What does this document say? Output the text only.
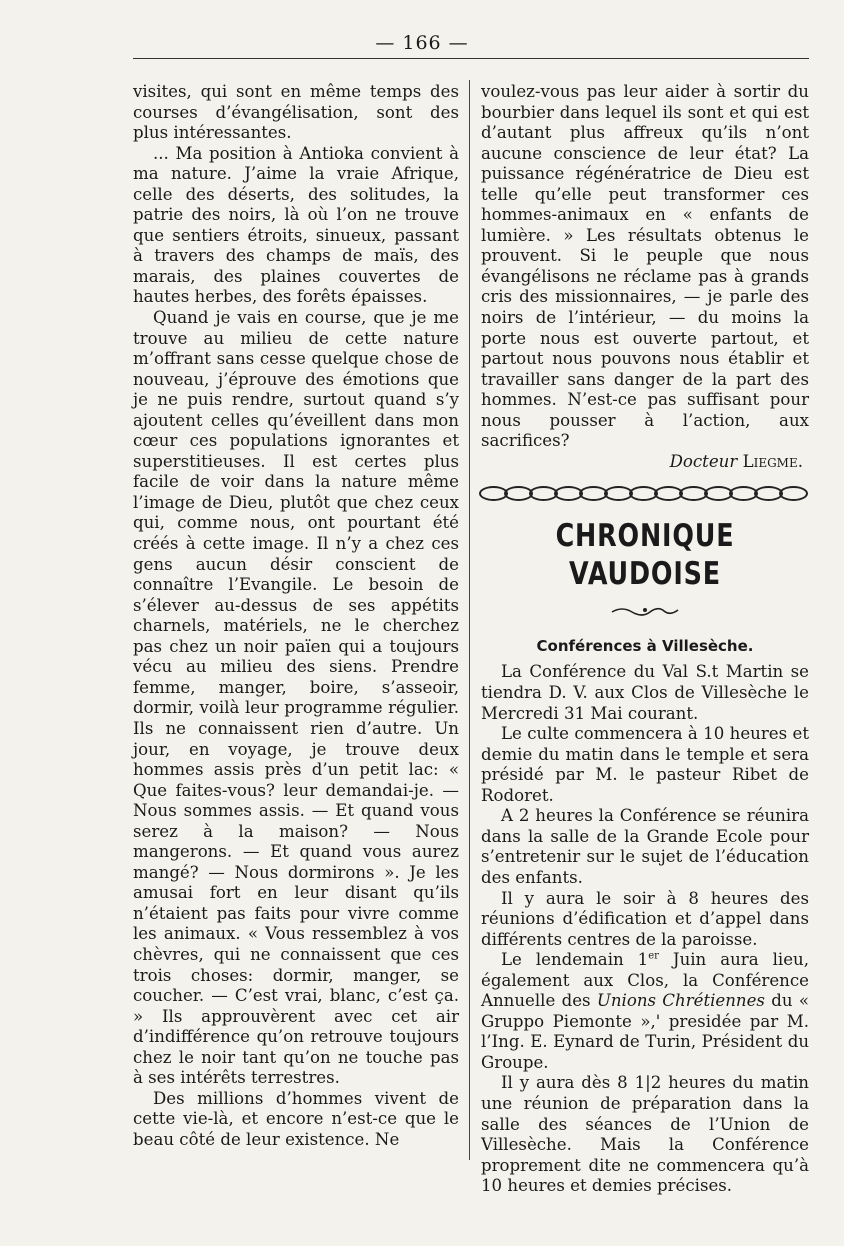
— 166 —

visites, qui sont en même temps des courses d’évangélisation, sont des plus intéressantes.

... Ma position à Antioka convient à ma nature. J’aime la vraie Afrique, celle des déserts, des solitudes, la patrie des noirs, là où l’on ne trouve que sentiers étroits, sinueux, passant à travers des champs de maïs, des marais, des plaines couvertes de hautes herbes, des forêts épaisses.

Quand je vais en course, que je me trouve au milieu de cette nature m’offrant sans cesse quelque chose de nouveau, j’éprouve des émotions que je ne puis rendre, surtout quand s’y ajoutent celles qu’éveillent dans mon cœur ces populations ignorantes et superstitieuses. Il est certes plus facile de voir dans la nature même l’image de Dieu, plutôt que chez ceux qui, comme nous, ont pourtant été créés à cette image. Il n’y a chez ces gens aucun désir conscient de connaître l’Evangile. Le besoin de s’élever au-dessus de ses appétits charnels, matériels, ne le cherchez pas chez un noir païen qui a toujours vécu au milieu des siens. Prendre femme, manger, boire, s’asseoir, dormir, voilà leur programme régulier. Ils ne connaissent rien d’autre. Un jour, en voyage, je trouve deux hommes assis près d’un petit lac: « Que faites-vous? leur demandai-je. — Nous sommes assis. — Et quand vous serez à la maison? — Nous mangerons. — Et quand vous aurez mangé? — Nous dormirons ». Je les amusai fort en leur disant qu’ils n’étaient pas faits pour vivre comme les animaux. « Vous ressemblez à vos chèvres, qui ne connaissent que ces trois choses: dormir, manger, se coucher. — C’est vrai, blanc, c’est ça. » Ils approuvèrent avec cet air d’indifférence qu’on retrouve toujours chez le noir tant qu’on ne touche pas à ses intérêts terrestres.

Des millions d’hommes vivent de cette vie-là, et encore n’est-ce que le beau côté de leur existence. Ne

voulez-vous pas leur aider à sortir du bourbier dans lequel ils sont et qui est d’autant plus affreux qu’ils n’ont aucune conscience de leur état? La puissance régénératrice de Dieu est telle qu’elle peut transformer ces hommes-animaux en « enfants de lumière. » Les résultats obtenus le prouvent. Si le peuple que nous évangélisons ne réclame pas à grands cris des missionnaires, — je parle des noirs de l’intérieur, — du moins la porte nous est ouverte partout, et partout nous pouvons nous établir et travailler sans danger de la part des hommes. N’est-ce pas suffisant pour nous pousser à l’action, aux sacrifices?

Docteur Liegme.

CHRONIQUE VAUDOISE
Conférences à Villesèche.

La Conférence du Val S.t Martin se tiendra D. V. aux Clos de Villesèche le Mercredi 31 Mai courant.

Le culte commencera à 10 heures et demie du matin dans le temple et sera présidé par M. le pasteur Ribet de Rodoret.

A 2 heures la Conférence se réunira dans la salle de la Grande Ecole pour s’entretenir sur le sujet de l’éducation des enfants.

Il y aura le soir à 8 heures des réunions d’édification et d’appel dans différents centres de la paroisse.

Le lendemain 1er Juin aura lieu, également aux Clos, la Conférence Annuelle des Unions Chrétiennes du « Gruppo Piemonte »,' presidée par M. l’Ing. E. Eynard de Turin, Président du Groupe.

Il y aura dès 8 1|2 heures du matin une réunion de préparation dans la salle des séances de l’Union de Villesèche. Mais la Conférence proprement dite ne commencera qu’à 10 heures et demies précises.
